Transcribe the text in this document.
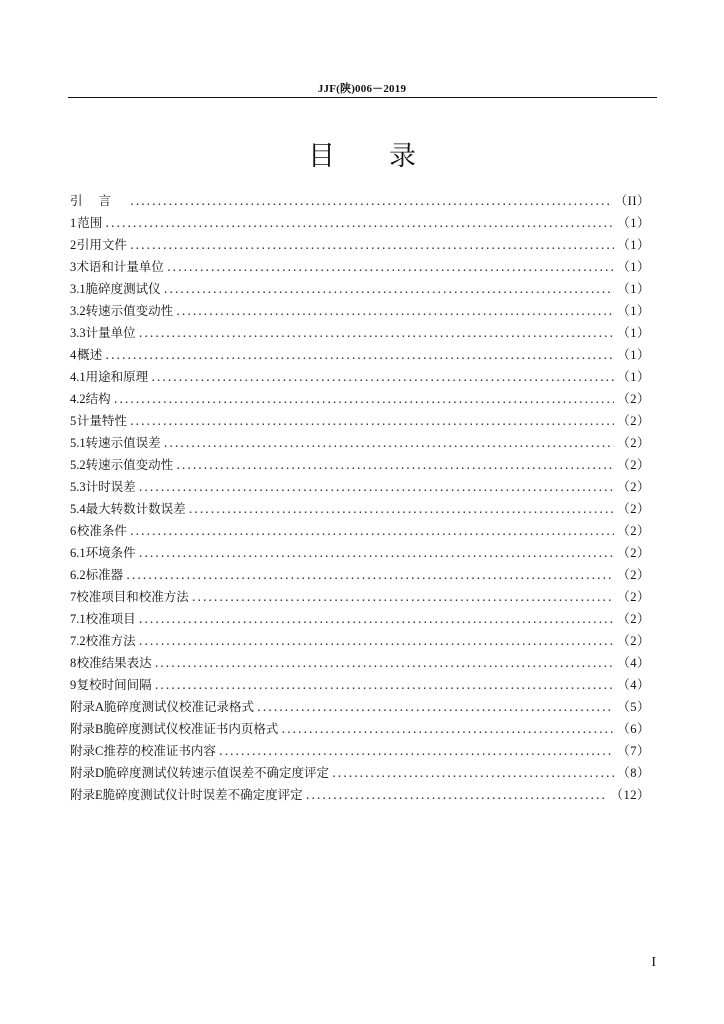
JJF(陕)006－2019
目 录
引言 .....	（II）
1 范围 .....	（1）
2 引用文件 .....	（1）
3 术语和计量单位 .....	（1）
3.1 脆碎度测试仪 .....	（1）
3.2 转速示值变动性 .....	（1）
3.3 计量单位 .....	（1）
4 概述 .....	（1）
4.1 用途和原理 .....	（1）
4.2 结构 .....	（2）
5 计量特性 .....	（2）
5.1 转速示值误差 .....	（2）
5.2 转速示值变动性 .....	（2）
5.3 计时误差 .....	（2）
5.4 最大转数计数误差 .....	（2）
6 校准条件 .....	（2）
6.1 环境条件 .....	（2）
6.2 标准器 .....	（2）
7 校准项目和校准方法 .....	（2）
7.1 校准项目 .....	（2）
7.2 校准方法 .....	（2）
8 校准结果表达 .....	（4）
9 复校时间间隔 .....	（4）
附录A 脆碎度测试仪校准记录格式 .....	（5）
附录B 脆碎度测试仪校准证书内页格式 .....	（6）
附录C 推荐的校准证书内容 .....	（7）
附录D 脆碎度测试仪转速示值误差不确定度评定 .....	（8）
附录E 脆碎度测试仪计时误差不确定度评定 .....	（12）
I
